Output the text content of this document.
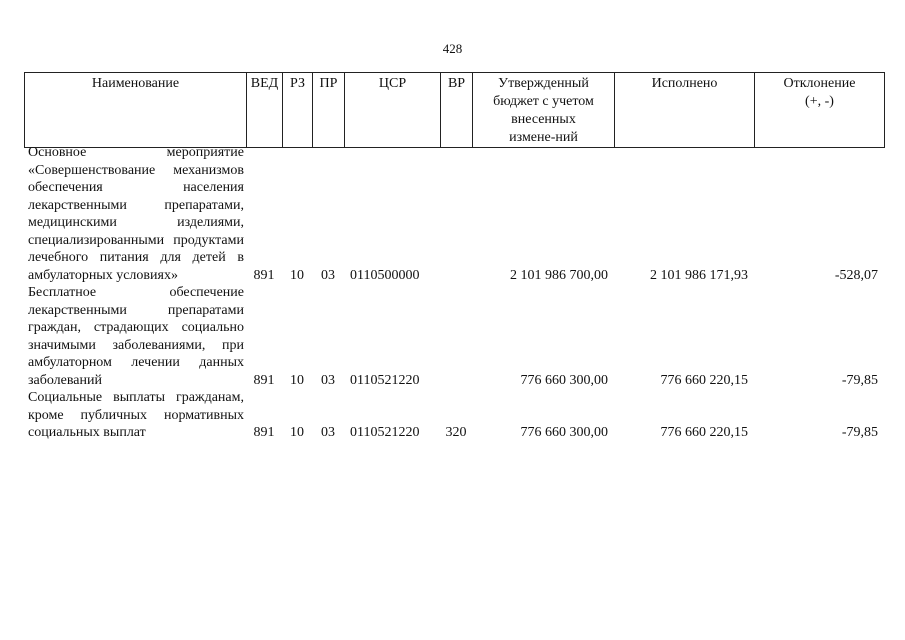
428
Наименование	ВЕД	РЗ	ПР	ЦСР	ВР	Утвержденный бюджет с учетом внесенных измене-ний	Исполнено	Отклонение (+, -)
Основное мероприятие «Совершенствование механизмов обеспечения населения лекарственными препаратами, медицинскими изделиями, специализированными продуктами лечебного питания для детей в амбулаторных условиях»	891	10	03	0110500000		2 101 986 700,00	2 101 986 171,93	-528,07
Бесплатное обеспечение лекарственными препаратами граждан, страдающих социально значимыми заболеваниями, при амбулаторном лечении данных заболеваний	891	10	03	0110521220		776 660 300,00	776 660 220,15	-79,85
Социальные выплаты гражданам, кроме публичных нормативных социальных выплат	891	10	03	0110521220	320	776 660 300,00	776 660 220,15	-79,85
